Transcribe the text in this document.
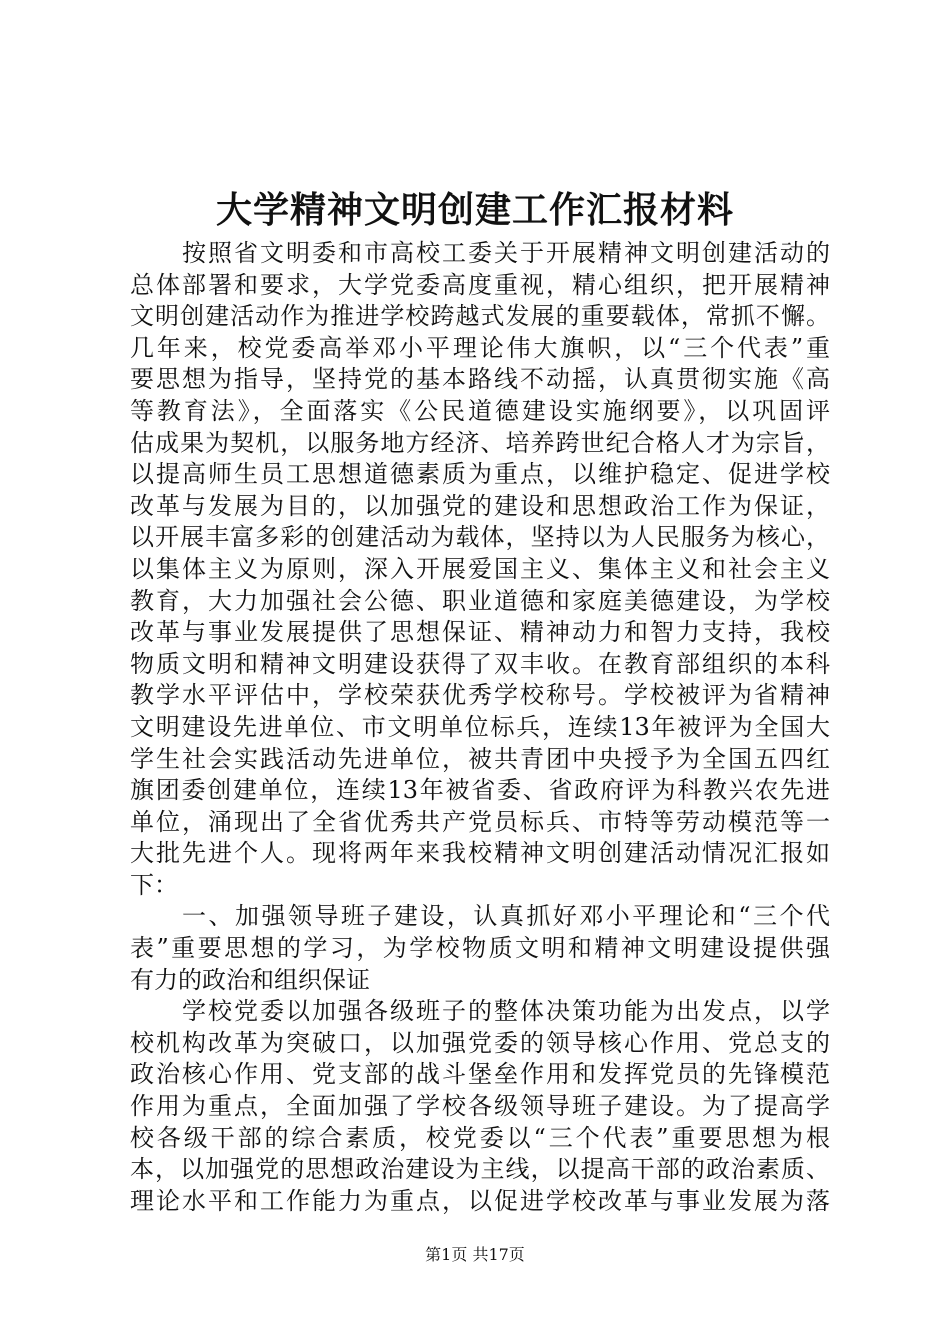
大学精神文明创建工作汇报材料
按照省文明委和市高校工委关于开展精神文明创建活动的
总体部署和要求，大学党委高度重视，精心组织，把开展精神
文明创建活动作为推进学校跨越式发展的重要载体，常抓不懈。
几年来，校党委高举邓小平理论伟大旗帜，以“三个代表”重
要思想为指导，坚持党的基本路线不动摇，认真贯彻实施《高
等教育法》，全面落实《公民道德建设实施纲要》，以巩固评
估成果为契机，以服务地方经济、培养跨世纪合格人才为宗旨，
以提高师生员工思想道德素质为重点，以维护稳定、促进学校
改革与发展为目的，以加强党的建设和思想政治工作为保证，
以开展丰富多彩的创建活动为载体，坚持以为人民服务为核心，
以集体主义为原则，深入开展爱国主义、集体主义和社会主义
教育，大力加强社会公德、职业道德和家庭美德建设，为学校
改革与事业发展提供了思想保证、精神动力和智力支持，我校
物质文明和精神文明建设获得了双丰收。在教育部组织的本科
教学水平评估中，学校荣获优秀学校称号。学校被评为省精神
文明建设先进单位、市文明单位标兵，连续13年被评为全国大
学生社会实践活动先进单位，被共青团中央授予为全国五四红
旗团委创建单位，连续13年被省委、省政府评为科教兴农先进
单位，涌现出了全省优秀共产党员标兵、市特等劳动模范等一
大批先进个人。现将两年来我校精神文明创建活动情况汇报如
下：
一、加强领导班子建设，认真抓好邓小平理论和“三个代
表”重要思想的学习，为学校物质文明和精神文明建设提供强
有力的政治和组织保证
学校党委以加强各级班子的整体决策功能为出发点，以学
校机构改革为突破口，以加强党委的领导核心作用、党总支的
政治核心作用、党支部的战斗堡垒作用和发挥党员的先锋模范
作用为重点，全面加强了学校各级领导班子建设。为了提高学
校各级干部的综合素质，校党委以“三个代表”重要思想为根
本，以加强党的思想政治建设为主线，以提高干部的政治素质、
理论水平和工作能力为重点，以促进学校改革与事业发展为落
第1页 共17页
